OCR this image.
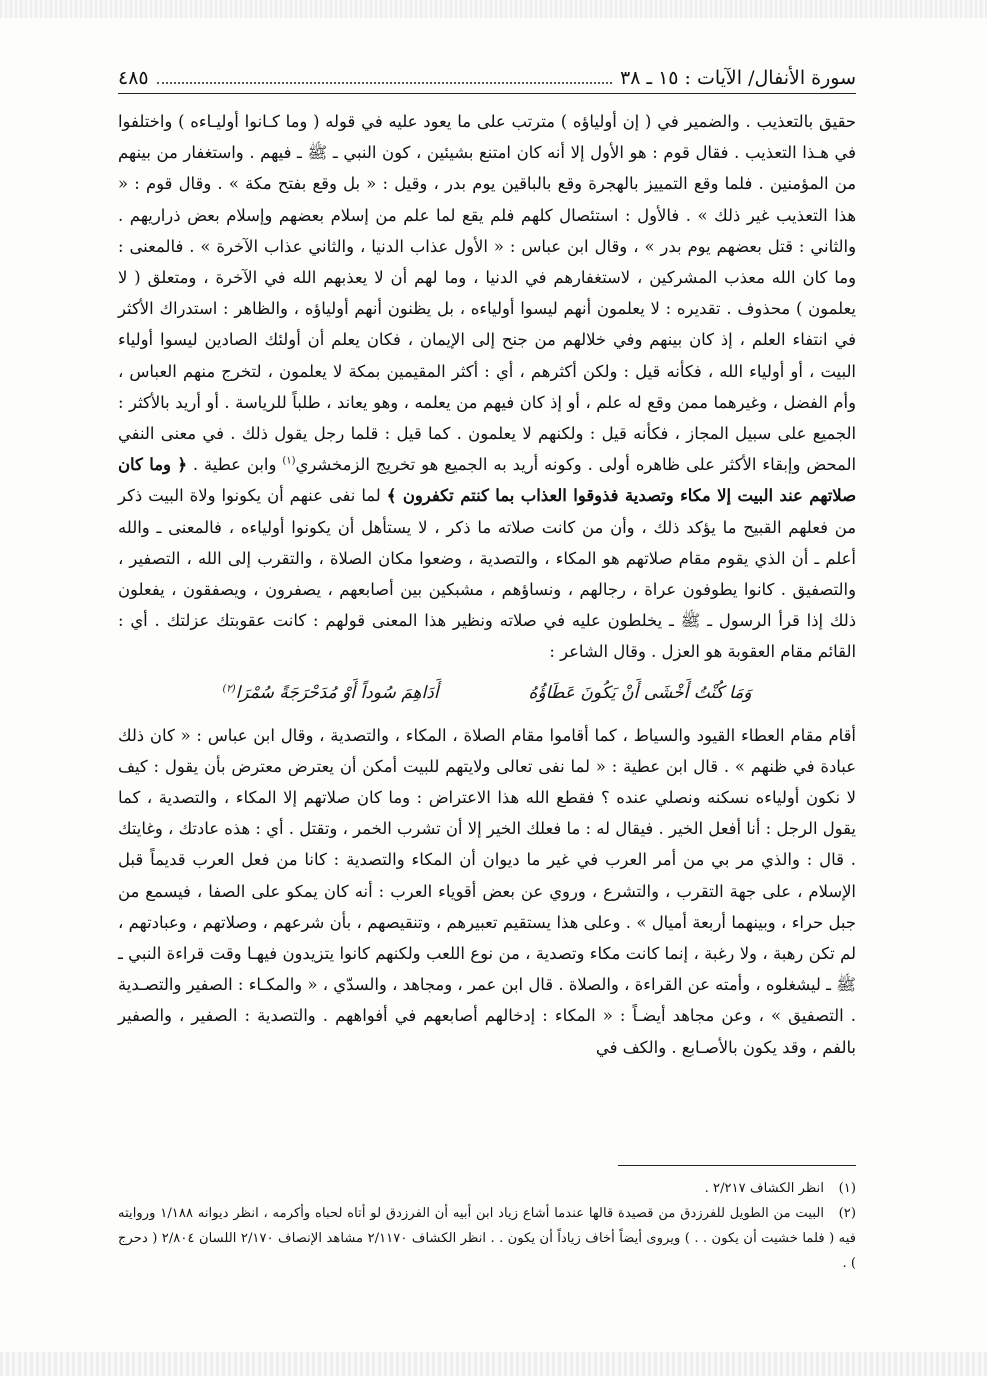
سورة الأنفال/ الآيات : ١٥ ـ ٣٨
٤٨٥

حقيق بالتعذيب . والضمير في ( إن أولياؤه ) مترتب على ما يعود عليه في قوله ( وما كـانوا أوليـاءه ) واختلفوا في هـذا التعذيب . فقال قوم : هو الأول إلا أنه كان امتنع بشيئين ، كون النبي ـ ﷺ ـ فيهم . واستغفار من بينهم من المؤمنين . فلما وقع التمييز بالهجرة وقع بالباقين يوم بدر ، وقيل : « بل وقع بفتح مكة » . وقال قوم : « هذا التعذيب غير ذلك » . فالأول : استئصال كلهم فلم يقع لما علم من إسلام بعضهم وإسلام بعض ذراريهم . والثاني : قتل بعضهم يوم بدر » ، وقال ابن عباس : « الأول عذاب الدنيا ، والثاني عذاب الآخرة » . فالمعنى : وما كان الله معذب المشركين ، لاستغفارهم في الدنيا ، وما لهم أن لا يعذبهم الله في الآخرة ، ومتعلق ( لا يعلمون ) محذوف . تقديره : لا يعلمون أنهم ليسوا أولياءه ، بل يظنون أنهم أولياؤه ، والظاهر : استدراك الأكثر في انتفاء العلم ، إذ كان بينهم وفي خلالهم من جنح إلى الإيمان ، فكان يعلم أن أولئك الصادين ليسوا أولياء البيت ، أو أولياء الله ، فكأنه قيل : ولكن أكثرهم ، أي : أكثر المقيمين بمكة لا يعلمون ، لتخرج منهم العباس ، وأم الفضل ، وغيرهما ممن وقع له علم ، أو إذ كان فيهم من يعلمه ، وهو يعاند ، طلباً للرياسة . أو أريد بالأكثر : الجميع على سبيل المجاز ، فكأنه قيل : ولكنهم لا يعلمون . كما قيل : قلما رجل يقول ذلك . في معنى النفي المحض وإبقاء الأكثر على ظاهره أولى . وكونه أريد به الجميع هو تخريج الزمخشري$^{(١)}$ وابن عطية . ﴿ وما كان صلاتهم عند البيت إلا مكاء وتصدية فذوقوا العذاب بما كنتم تكفرون ﴾ لما نفى عنهم أن يكونوا ولاة البيت ذكر من فعلهم القبيح ما يؤكد ذلك ، وأن من كانت صلاته ما ذكر ، لا يستأهل أن يكونوا أولياءه ، فالمعنى ـ والله أعلم ـ أن الذي يقوم مقام صلاتهم هو المكاء ، والتصدية ، وضعوا مكان الصلاة ، والتقرب إلى الله ، التصفير ، والتصفيق . كانوا يطوفون عراة ، رجالهم ، ونساؤهم ، مشبكين بين أصابعهم ، يصفرون ، ويصفقون ، يفعلون ذلك إذا قرأ الرسول ـ ﷺ ـ يخلطون عليه في صلاته ونظير هذا المعنى قولهم : كانت عقوبتك عزلتك . أي : القائم مقام العقوبة هو العزل . وقال الشاعر :

وَمَا كُنْتُ أَخْشَى أَنْ يَكُونَ عَطَاؤُهُ
أَدَاهِمَ سُوداً أَوْ مُدَحْرَجَةً سُمْرَا$^{(٢)}$

أقام مقام العطاء القيود والسياط ، كما أقاموا مقام الصلاة ، المكاء ، والتصدية ، وقال ابن عباس : « كان ذلك عبادة في ظنهم » . قال ابن عطية : « لما نفى تعالى ولايتهم للبيت أمكن أن يعترض معترض بأن يقول : كيف لا نكون أولياءه نسكنه ونصلي عنده ؟ فقطع الله هذا الاعتراض : وما كان صلاتهم إلا المكاء ، والتصدية ، كما يقول الرجل : أنا أفعل الخير . فيقال له : ما فعلك الخير إلا أن تشرب الخمر ، وتقتل . أي : هذه عادتك ، وغايتك . قال : والذي مر بي من أمر العرب في غير ما ديوان أن المكاء والتصدية : كانا من فعل العرب قديماً قبل الإسلام ، على جهة التقرب ، والتشرع ، وروي عن بعض أقوياء العرب : أنه كان يمكو على الصفا ، فيسمع من جبل حراء ، وبينهما أربعة أميال » . وعلى هذا يستقيم تعبيرهم ، وتنقيصهم ، بأن شرعهم ، وصلاتهم ، وعبادتهم ، لم تكن رهبة ، ولا رغبة ، إنما كانت مكاء وتصدية ، من نوع اللعب ولكنهم كانوا يتزيدون فيهـا وقت قراءة النبي ـ ﷺ ـ ليشغلوه ، وأمته عن القراءة ، والصلاة . قال ابن عمر ، ومجاهد ، والسدّي ، « والمكـاء : الصفير والتصـدية . التصفيق » ، وعن مجاهد أيضـاً : « المكاء : إدخالهم أصابعهم في أفواههم . والتصدية : الصفير ، والصفير بالفم ، وقد يكون بالأصـابع . والكف في

(١)انظر الكشاف ٢/٢١٧ .

(٢)البيت من الطويل للفرزدق من قصيدة قالها عندما أشاع زياد ابن أبيه أن الفرزدق لو أتاه لحباه وأكرمه ، انظر ديوانه ١/١٨٨ وروايته فيه ( فلما خشيت أن يكون . . ) ويروى أيضاً أخاف زياداً أن يكون . . انظر الكشاف ٢/١١٧٠ مشاهد الإنصاف ٢/١٧٠ اللسان ٢/٨٠٤ ( دحرج ) .
